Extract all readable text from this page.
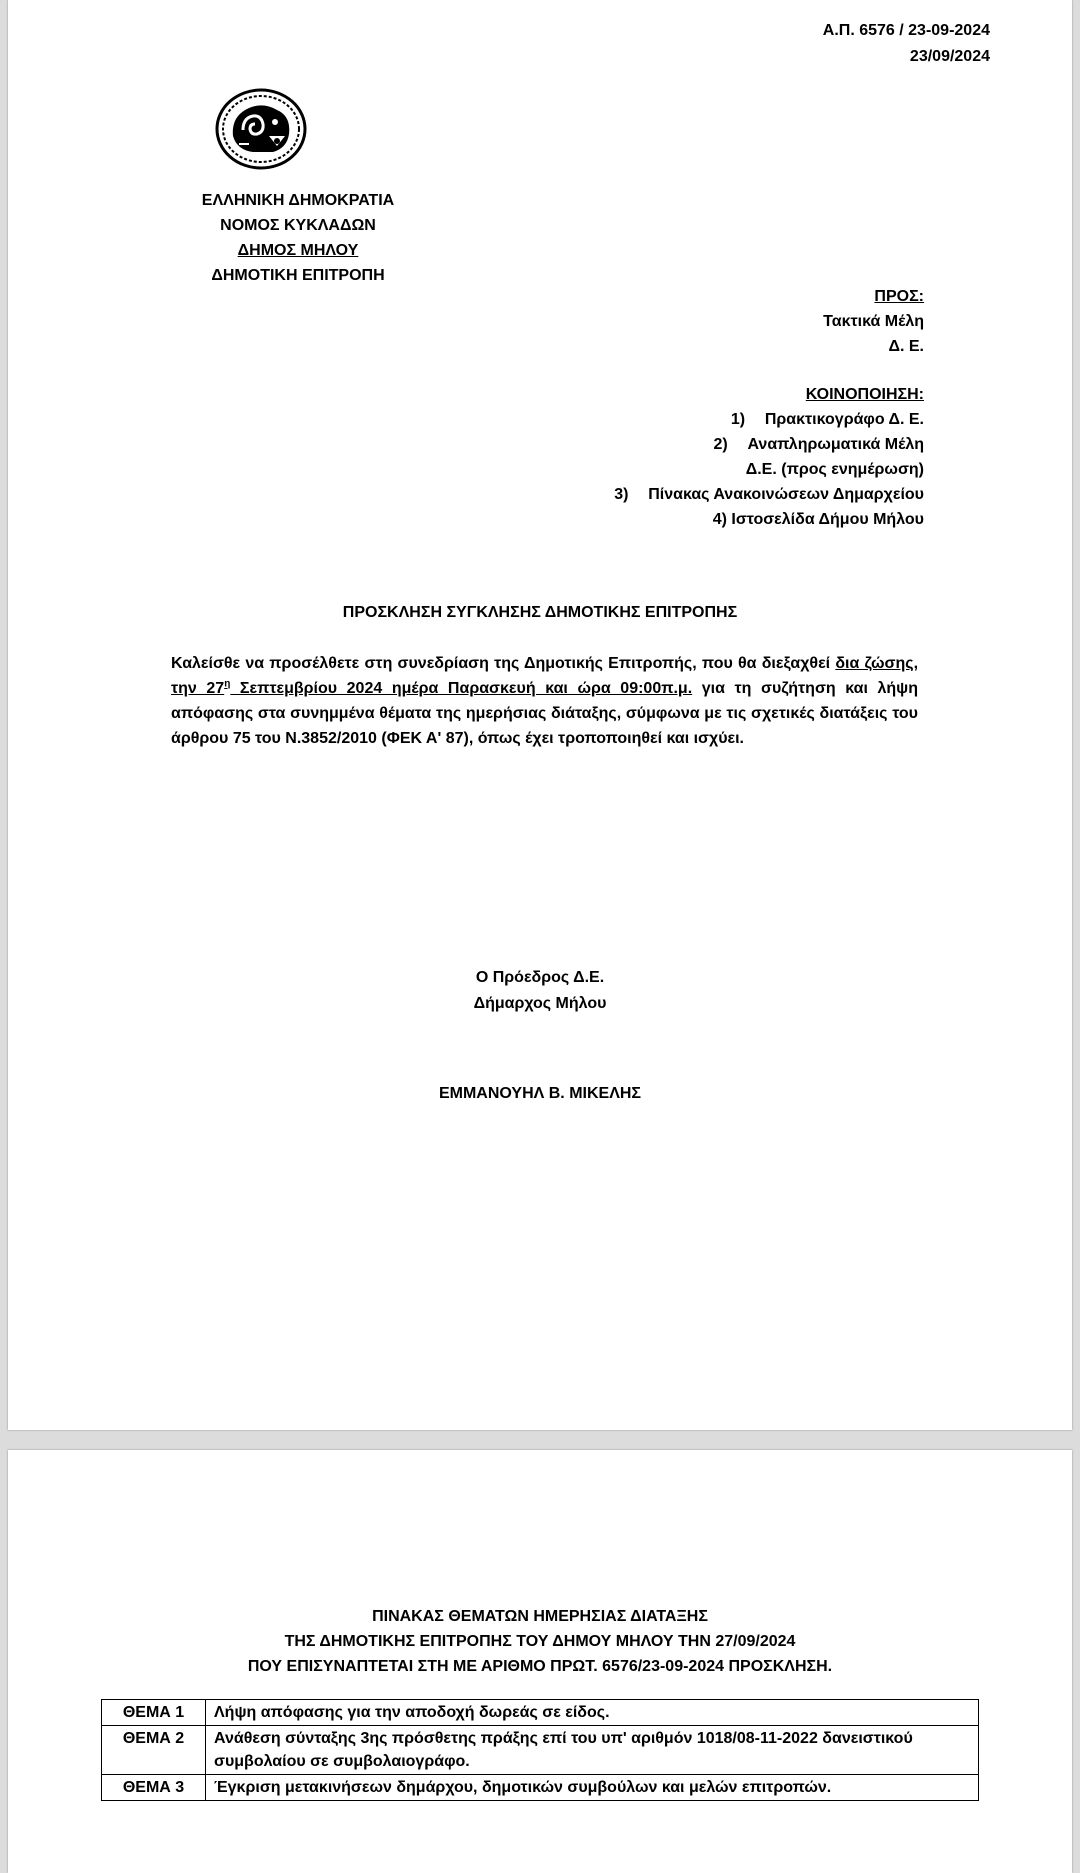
Α.Π. 6576 / 23-09-2024
23/09/2024
ΕΛΛΗΝΙΚΗ ΔΗΜΟΚΡΑΤΙΑ
ΝΟΜΟΣ ΚΥΚΛΑΔΩΝ
ΔΗΜΟΣ ΜΗΛΟΥ
ΔΗΜΟΤΙΚΗ ΕΠΙΤΡΟΠΗ
ΠΡΟΣ:
Τακτικά Μέλη
Δ. Ε.
ΚΟΙΝΟΠΟΙΗΣΗ:
1)	Πρακτικογράφο Δ. Ε.
2)	Αναπληρωματικά Μέλη
Δ.Ε. (προς ενημέρωση)
3)	Πίνακας Ανακοινώσεων Δημαρχείου
4) Ιστοσελίδα Δήμου Μήλου
ΠΡΟΣΚΛΗΣΗ ΣΥΓΚΛΗΣΗΣ ΔΗΜΟΤΙΚΗΣ ΕΠΙΤΡΟΠΗΣ
Καλείσθε να προσέλθετε στη συνεδρίαση της Δημοτικής Επιτροπής, που θα διεξαχθεί δια ζώσης, την $27^\eta$ Σεπτεμβρίου 2024 ημέρα Παρασκευή και ώρα 09:00π.μ. για τη συζήτηση και λήψη απόφασης στα συνημμένα θέματα της ημερήσιας διάταξης, σύμφωνα με τις σχετικές διατάξεις του άρθρου 75 του Ν.3852/2010 (ΦΕΚ Α' 87), όπως έχει τροποποιηθεί και ισχύει.
Ο Πρόεδρος Δ.Ε.
Δήμαρχος Μήλου
ΕΜΜΑΝΟΥΗΛ Β. ΜΙΚΕΛΗΣ
ΠΙΝΑΚΑΣ ΘΕΜΑΤΩΝ ΗΜΕΡΗΣΙΑΣ ΔΙΑΤΑΞΗΣ
ΤΗΣ ΔΗΜΟΤΙΚΗΣ ΕΠΙΤΡΟΠΗΣ ΤΟΥ ΔΗΜΟΥ ΜΗΛΟΥ ΤΗΝ 27/09/2024
ΠΟΥ ΕΠΙΣΥΝΑΠΤΕΤΑΙ ΣΤΗ ΜΕ ΑΡΙΘΜΟ ΠΡΩΤ. 6576/23-09-2024 ΠΡΟΣΚΛΗΣΗ.
ΘΕΜΑ 1	Λήψη απόφασης για την αποδοχή δωρεάς σε είδος.
ΘΕΜΑ 2	Ανάθεση σύνταξης 3ης πρόσθετης πράξης επί του υπ' αριθμόν 1018/08-11-2022 δανειστικού συμβολαίου σε συμβολαιογράφο.
ΘΕΜΑ 3	Έγκριση μετακινήσεων δημάρχου, δημοτικών συμβούλων και μελών επιτροπών.
